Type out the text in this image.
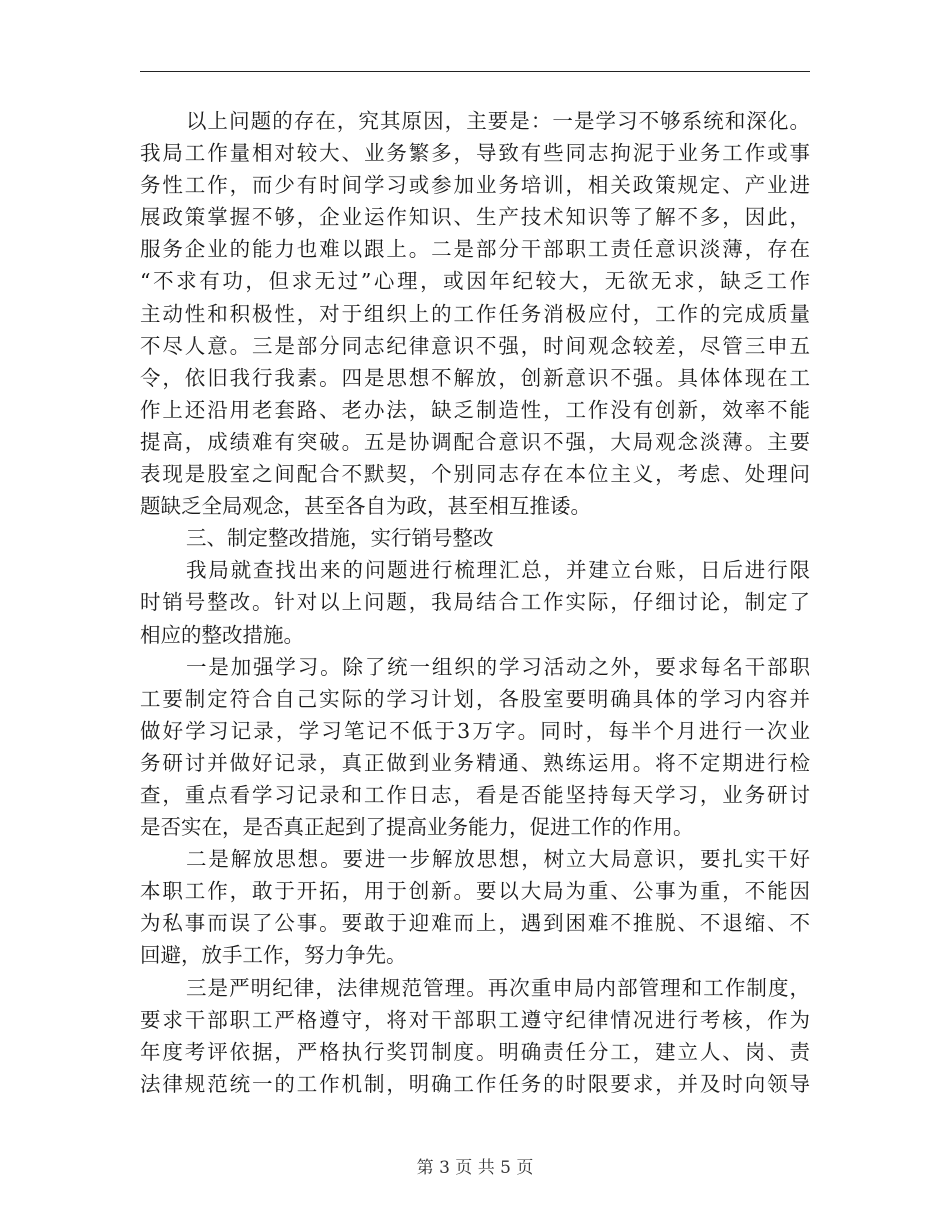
以上问题的存在，究其原因，主要是：一是学习不够系统和深化。
我局工作量相对较大、业务繁多，导致有些同志拘泥于业务工作或事
务性工作，而少有时间学习或参加业务培训，相关政策规定、产业进
展政策掌握不够，企业运作知识、生产技术知识等了解不多，因此，
服务企业的能力也难以跟上。二是部分干部职工责任意识淡薄，存在
“不求有功，但求无过”心理，或因年纪较大，无欲无求，缺乏工作
主动性和积极性，对于组织上的工作任务消极应付，工作的完成质量
不尽人意。三是部分同志纪律意识不强，时间观念较差，尽管三申五
令，依旧我行我素。四是思想不解放，创新意识不强。具体体现在工
作上还沿用老套路、老办法，缺乏制造性，工作没有创新，效率不能
提高，成绩难有突破。五是协调配合意识不强，大局观念淡薄。主要
表现是股室之间配合不默契，个别同志存在本位主义，考虑、处理问
题缺乏全局观念，甚至各自为政，甚至相互推诿。
三、制定整改措施，实行销号整改
我局就查找出来的问题进行梳理汇总，并建立台账，日后进行限
时销号整改。针对以上问题，我局结合工作实际，仔细讨论，制定了
相应的整改措施。
一是加强学习。除了统一组织的学习活动之外，要求每名干部职
工要制定符合自己实际的学习计划，各股室要明确具体的学习内容并
做好学习记录，学习笔记不低于3万字。同时，每半个月进行一次业
务研讨并做好记录，真正做到业务精通、熟练运用。将不定期进行检
查，重点看学习记录和工作日志，看是否能坚持每天学习，业务研讨
是否实在，是否真正起到了提高业务能力，促进工作的作用。
二是解放思想。要进一步解放思想，树立大局意识，要扎实干好
本职工作，敢于开拓，用于创新。要以大局为重、公事为重，不能因
为私事而误了公事。要敢于迎难而上，遇到困难不推脱、不退缩、不
回避，放手工作，努力争先。
三是严明纪律，法律规范管理。再次重申局内部管理和工作制度，
要求干部职工严格遵守，将对干部职工遵守纪律情况进行考核，作为
年度考评依据，严格执行奖罚制度。明确责任分工，建立人、岗、责
法律规范统一的工作机制，明确工作任务的时限要求，并及时向领导
第 3 页 共 5 页
